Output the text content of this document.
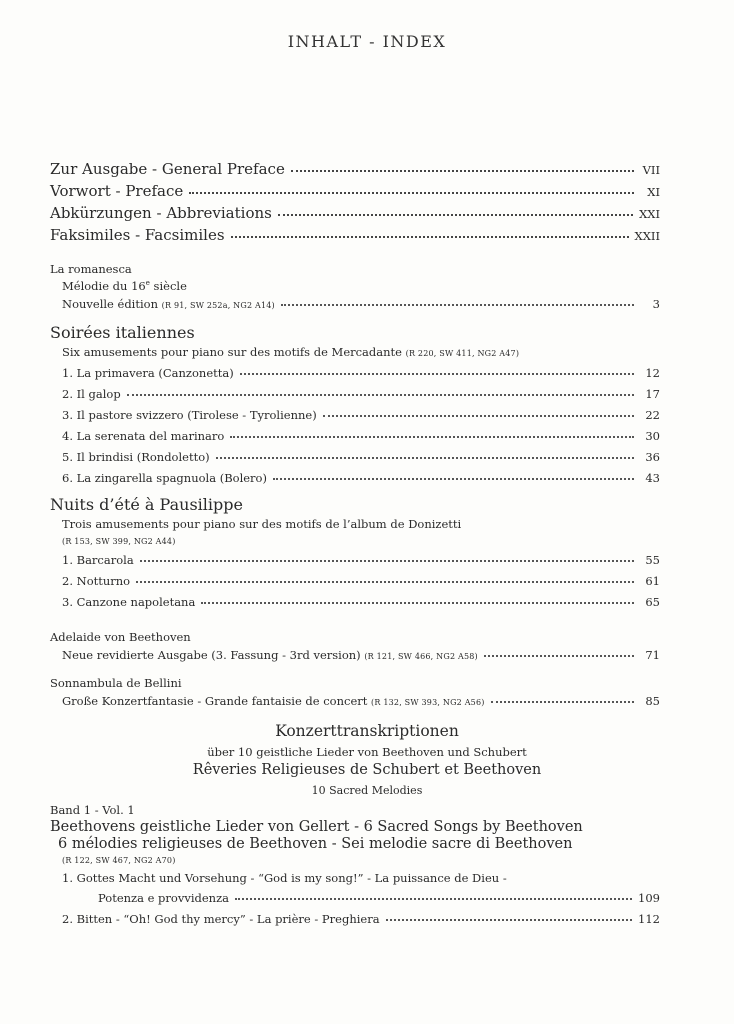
INHALT - INDEX
Zur Ausgabe - General Preface	VII
Vorwort - Preface	XI
Abkürzungen - Abbreviations	XXI
Faksimiles - Facsimiles	XXII
La romanesca
Mélodie du 16e siècle
Nouvelle édition (R 91, SW 252a, NG2 A14)	3
Soirées italiennes
Six amusements pour piano sur des motifs de Mercadante (R 220, SW 411, NG2 A47)
1. La primavera (Canzonetta)	12
2. Il galop	17
3. Il pastore svizzero (Tirolese - Tyrolienne)	22
4. La serenata del marinaro	30
5. Il brindisi (Rondoletto)	36
6. La zingarella spagnuola (Bolero)	43
Nuits d’été à Pausilippe
Trois amusements pour piano sur des motifs de l’album de Donizetti
(R 153, SW 399, NG2 A44)
1. Barcarola	55
2. Notturno	61
3. Canzone napoletana	65
Adelaide von Beethoven
Neue revidierte Ausgabe (3. Fassung - 3rd version) (R 121, SW 466, NG2 A58)	71
Sonnambula de Bellini
Große Konzertfantasie - Grande fantaisie de concert (R 132, SW 393, NG2 A56)	85
Konzerttranskriptionen
über 10 geistliche Lieder von Beethoven und Schubert
Rêveries Religieuses de Schubert et Beethoven
10 Sacred Melodies
Band 1 - Vol. 1
Beethovens geistliche Lieder von Gellert - 6 Sacred Songs by Beethoven
6 mélodies religieuses de Beethoven - Sei melodie sacre di Beethoven
(R 122, SW 467, NG2 A70)
1. Gottes Macht und Vorsehung - “God is my song!” - La puissance de Dieu -
Potenza e provvidenza	109
2. Bitten - “Oh! God thy mercy” - La prière - Preghiera	112
